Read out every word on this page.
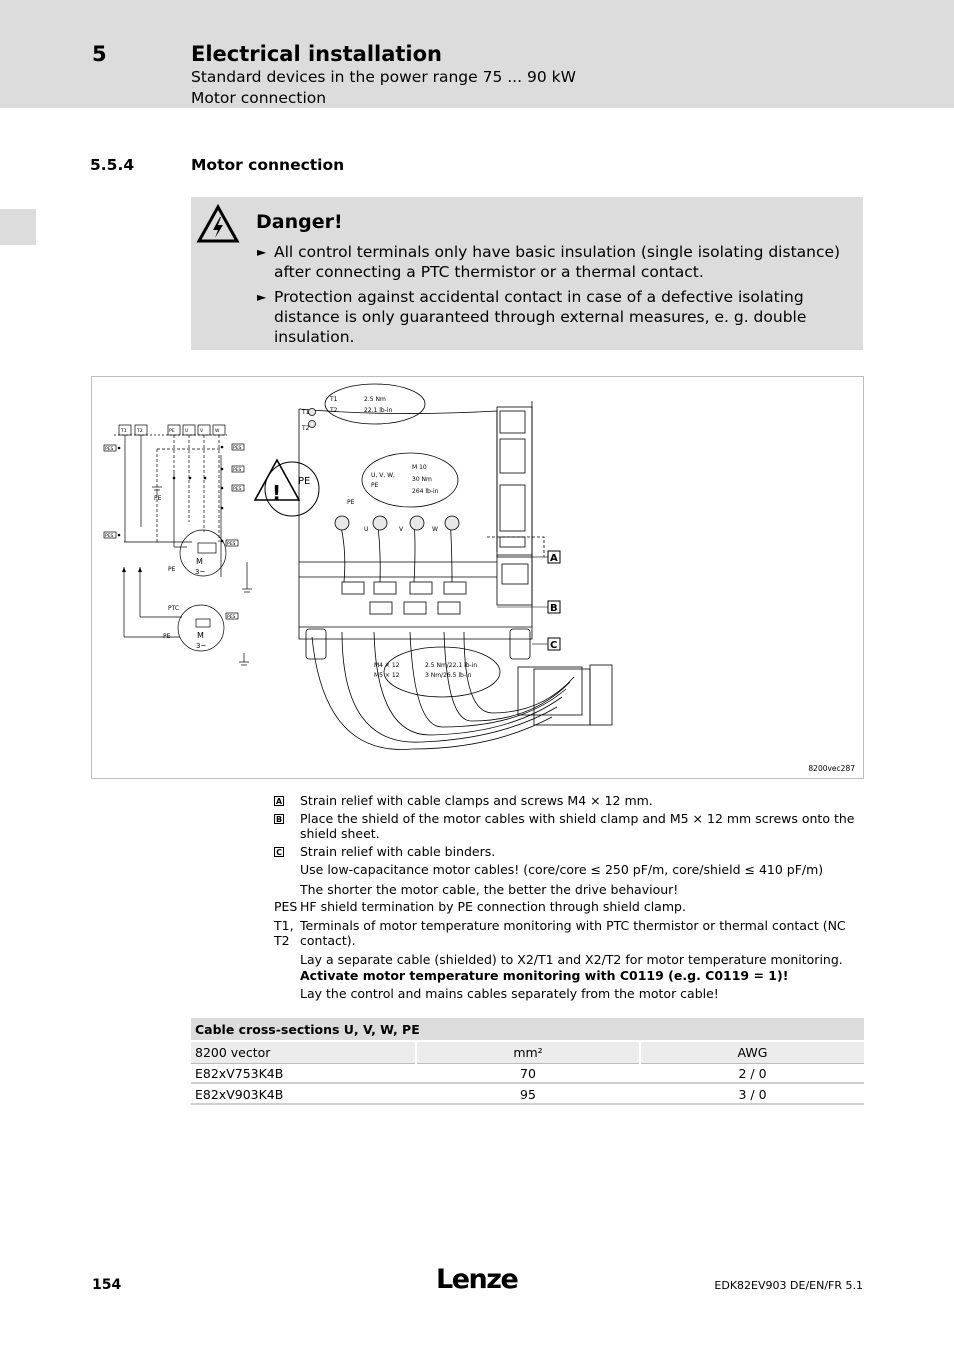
5	Electrical installation
Standard devices in the power range 75 ... 90 kW
Motor connection
5.5.4	Motor connection
Danger!
► All control terminals only have basic insulation (single isolating distance) after connecting a PTC thermistor or a thermal contact.
► Protection against accidental contact in case of a defective isolating distance is only guaranteed through external measures, e. g. double insulation.
T1 T2	PE U	V	W
PES	PES
PES
PES
PES
PES
PES
PE
M
3~
PE
PTC
PE	M
3~
! PE
T1
T2
T1
T2
2.5 Nm
22.1 lb-in
U, V, W,
PE
M 10
30 Nm
264 lb-in
PE
U	V	W
M4 × 12
M5 × 12
2.5 Nm/22.1 lb-in
3 Nm/26.5 lb-in
A
B
C
8200vec287
A	Strain relief with cable clamps and screws M4 × 12 mm.
B	Place the shield of the motor cables with shield clamp and M5 × 12 mm screws onto the shield sheet.
C	Strain relief with cable binders.
Use low-capacitance motor cables! (core/core ≤ 250 pF/m, core/shield ≤ 410 pF/m)
The shorter the motor cable, the better the drive behaviour!
PES HF shield termination by PE connection through shield clamp.
T1, T2
Terminals of motor temperature monitoring with PTC thermistor or thermal contact (NC contact).
Lay a separate cable (shielded) to X2/T1 and X2/T2 for motor temperature monitoring.
Activate motor temperature monitoring with C0119 (e.g. C0119 = 1)!
Lay the control and mains cables separately from the motor cable!
Cable cross-sections U, V, W, PE
8200 vector	mm²	AWG
E82xV753K4B	70	2 / 0
E82xV903K4B	95	3 / 0
154	Lenze	EDK82EV903 DE/EN/FR 5.1
